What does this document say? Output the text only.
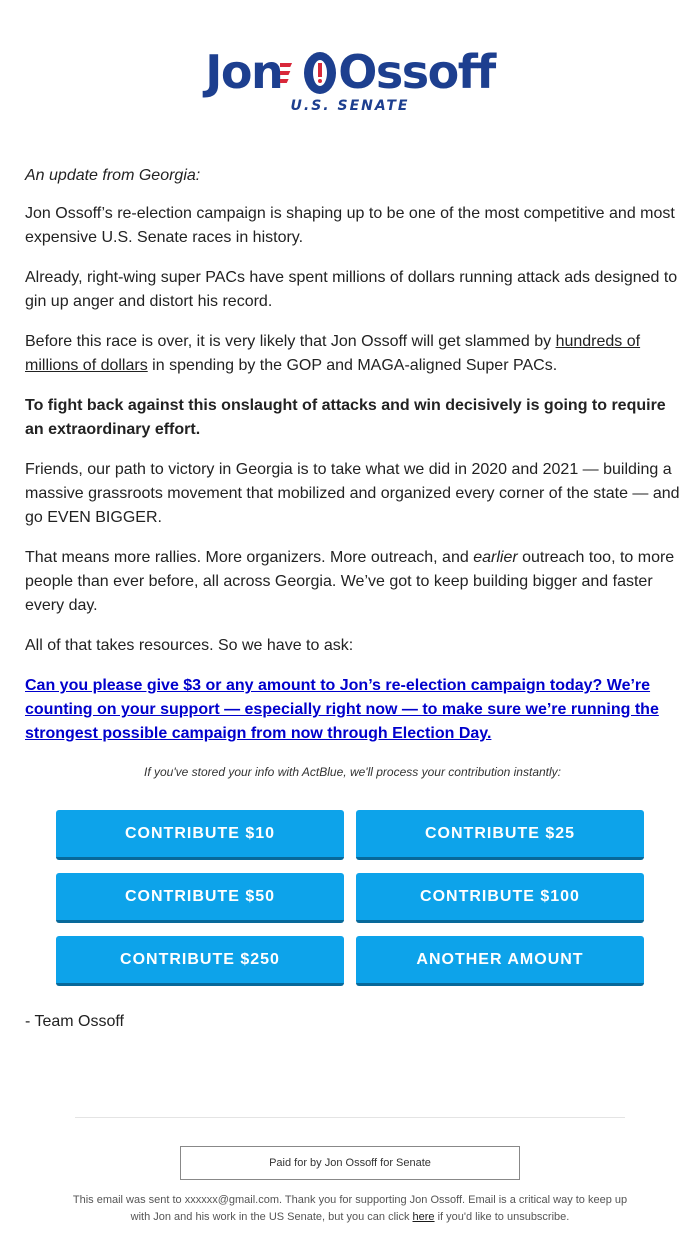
Jon Ossoff
U.S. SENATE

An update from Georgia:

Jon Ossoff’s re-election campaign is shaping up to be one of the most competitive and most expensive U.S. Senate races in history.

Already, right-wing super PACs have spent millions of dollars running attack ads designed to gin up anger and distort his record.

Before this race is over, it is very likely that Jon Ossoff will get slammed by hundreds of millions of dollars in spending by the GOP and MAGA-aligned Super PACs.

To fight back against this onslaught of attacks and win decisively is going to require an extraordinary effort.

Friends, our path to victory in Georgia is to take what we did in 2020 and 2021 — building a massive grassroots movement that mobilized and organized every corner of the state — and go EVEN BIGGER.

That means more rallies. More organizers. More outreach, and earlier outreach too, to more people than ever before, all across Georgia. We’ve got to keep building bigger and faster every day.

All of that takes resources. So we have to ask:

Can you please give $3 or any amount to Jon’s re-election campaign today? We’re counting on your support — especially right now — to make sure we’re running the strongest possible campaign from now through Election Day.

If you've stored your info with ActBlue, we'll process your contribution instantly:
CONTRIBUTE $10	CONTRIBUTE $25
CONTRIBUTE $50	CONTRIBUTE $100
CONTRIBUTE $250	ANOTHER AMOUNT
- Team Ossoff
Paid for by Jon Ossoff for Senate
This email was sent to xxxxxx@gmail.com. Thank you for supporting Jon Ossoff. Email is a critical way to keep up with Jon and his work in the US Senate, but you can click here if you'd like to unsubscribe.
